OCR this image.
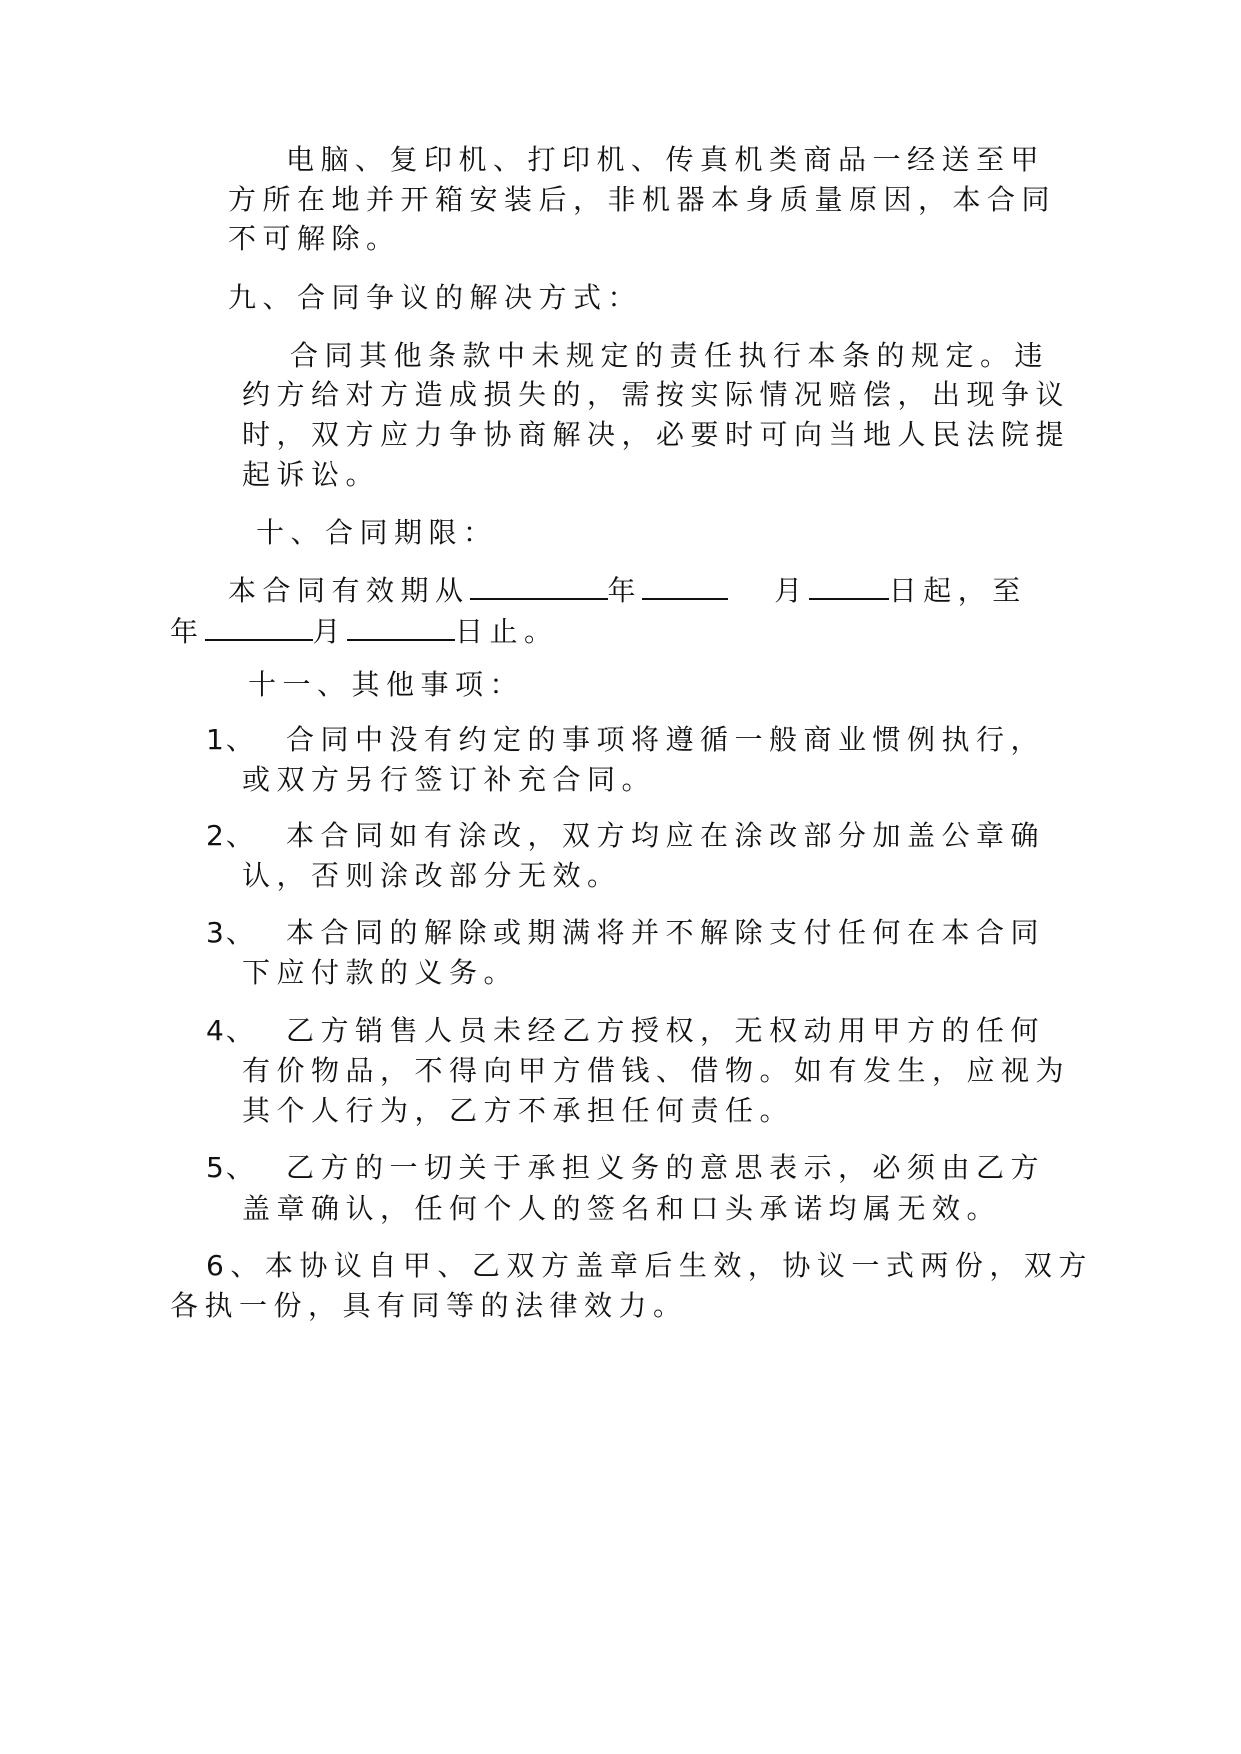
电脑、复印机、打印机、传真机类商品一经送至甲
方所在地并开箱安装后，非机器本身质量原因，本合同
不可解除。
九、合同争议的解决方式：
合同其他条款中未规定的责任执行本条的规定。违
约方给对方造成损失的，需按实际情况赔偿，出现争议
时，双方应力争协商解决，必要时可向当地人民法院提
起诉讼。
十、合同期限：
本合同有效期从	年	月	日起，至
年	月	日止。
十一、其他事项：
1、 合同中没有约定的事项将遵循一般商业惯例执行，
或双方另行签订补充合同。
2、 本合同如有涂改，双方均应在涂改部分加盖公章确
认，否则涂改部分无效。
3、 本合同的解除或期满将并不解除支付任何在本合同
下应付款的义务。
4、 乙方销售人员未经乙方授权，无权动用甲方的任何
有价物品，不得向甲方借钱、借物。如有发生，应视为
其个人行为，乙方不承担任何责任。
5、 乙方的一切关于承担义务的意思表示，必须由乙方
盖章确认，任何个人的签名和口头承诺均属无效。
6、本协议自甲、乙双方盖章后生效，协议一式两份，双方
各执一份，具有同等的法律效力。
